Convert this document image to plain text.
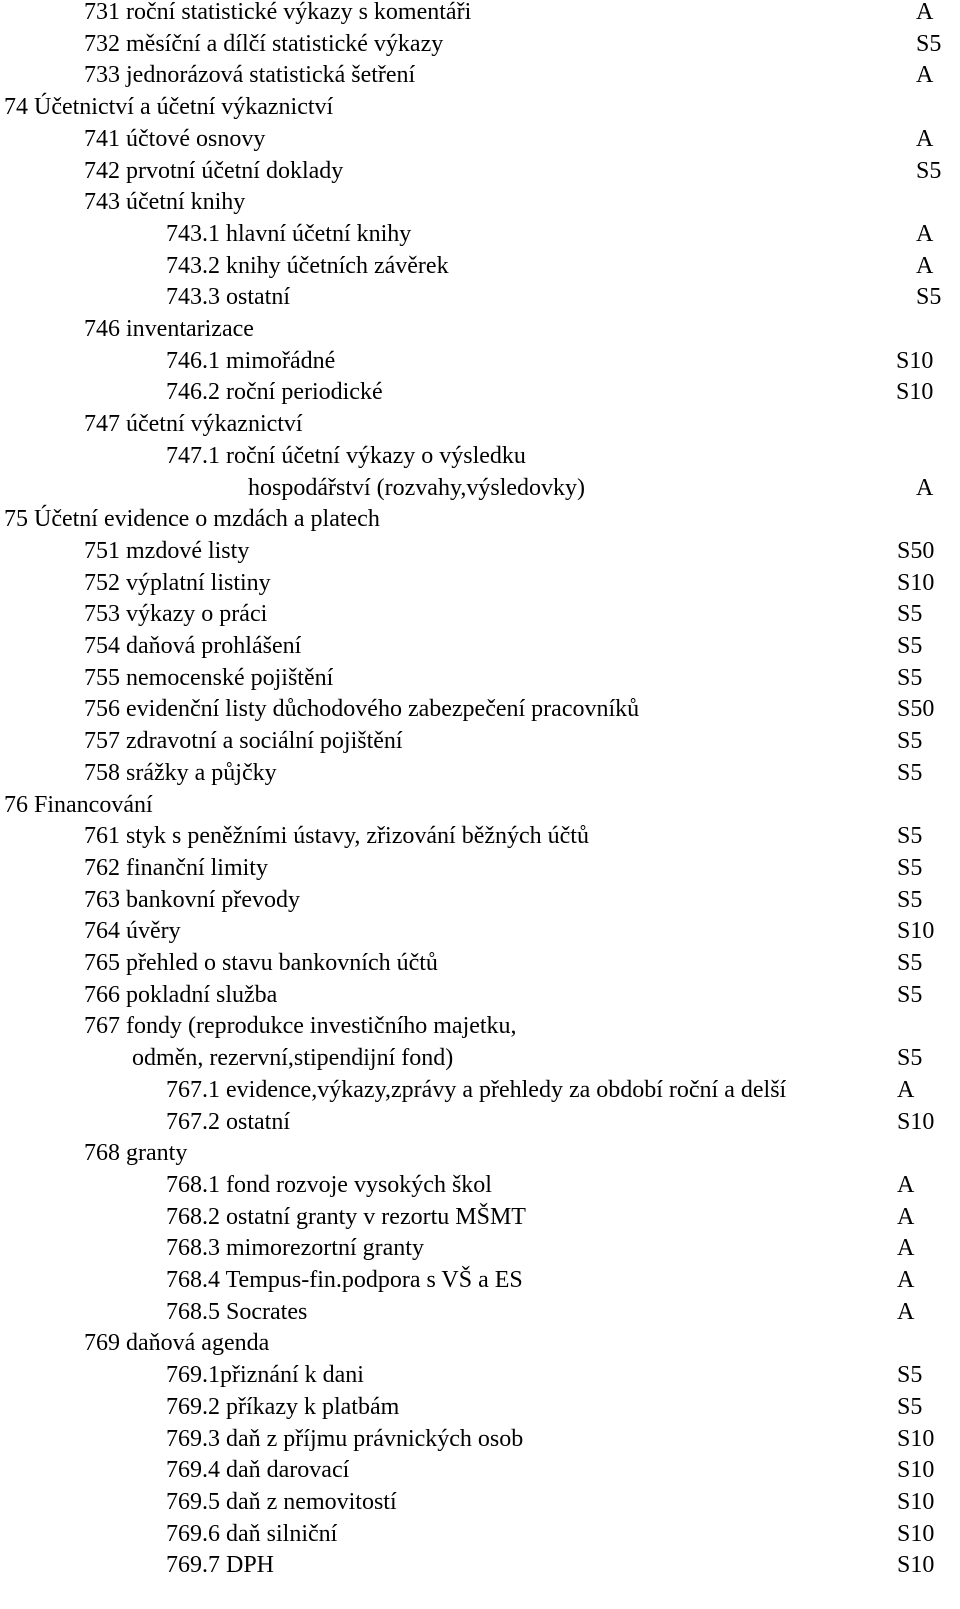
731 roční statistické výkazy s komentáři	A
732 měsíční a dílčí statistické výkazy	S5
733 jednorázová statistická šetření	A
74 Účetnictví a účetní výkaznictví
741 účtové osnovy	A
742 prvotní účetní doklady	S5
743 účetní knihy
743.1 hlavní účetní knihy	A
743.2 knihy účetních závěrek	A
743.3 ostatní	S5
746 inventarizace
746.1 mimořádné	S10
746.2 roční periodické	S10
747 účetní výkaznictví
747.1 roční účetní výkazy o výsledku
hospodářství (rozvahy,výsledovky)	A
75 Účetní evidence o mzdách a platech
751 mzdové listy	S50
752 výplatní listiny	S10
753 výkazy o práci	S5
754 daňová prohlášení	S5
755 nemocenské pojištění	S5
756 evidenční listy důchodového zabezpečení pracovníků	S50
757 zdravotní a sociální pojištění	S5
758 srážky a půjčky	S5
76 Financování
761 styk s peněžními ústavy, zřizování běžných účtů	S5
762 finanční limity	S5
763 bankovní převody	S5
764 úvěry	S10
765 přehled o stavu bankovních účtů	S5
766 pokladní služba	S5
767 fondy (reprodukce investičního majetku,
odměn, rezervní,stipendijní fond)	S5
767.1 evidence,výkazy,zprávy a přehledy za období roční a delší	A
767.2 ostatní	S10
768 granty
768.1 fond rozvoje vysokých škol	A
768.2 ostatní granty v rezortu MŠMT	A
768.3 mimorezortní granty	A
768.4 Tempus-fin.podpora s VŠ a ES	A
768.5 Socrates	A
769 daňová agenda
769.1přiznání k dani	S5
769.2 příkazy k platbám	S5
769.3 daň z příjmu právnických osob	S10
769.4 daň darovací	S10
769.5 daň z nemovitostí	S10
769.6 daň silniční	S10
769.7 DPH	S10
